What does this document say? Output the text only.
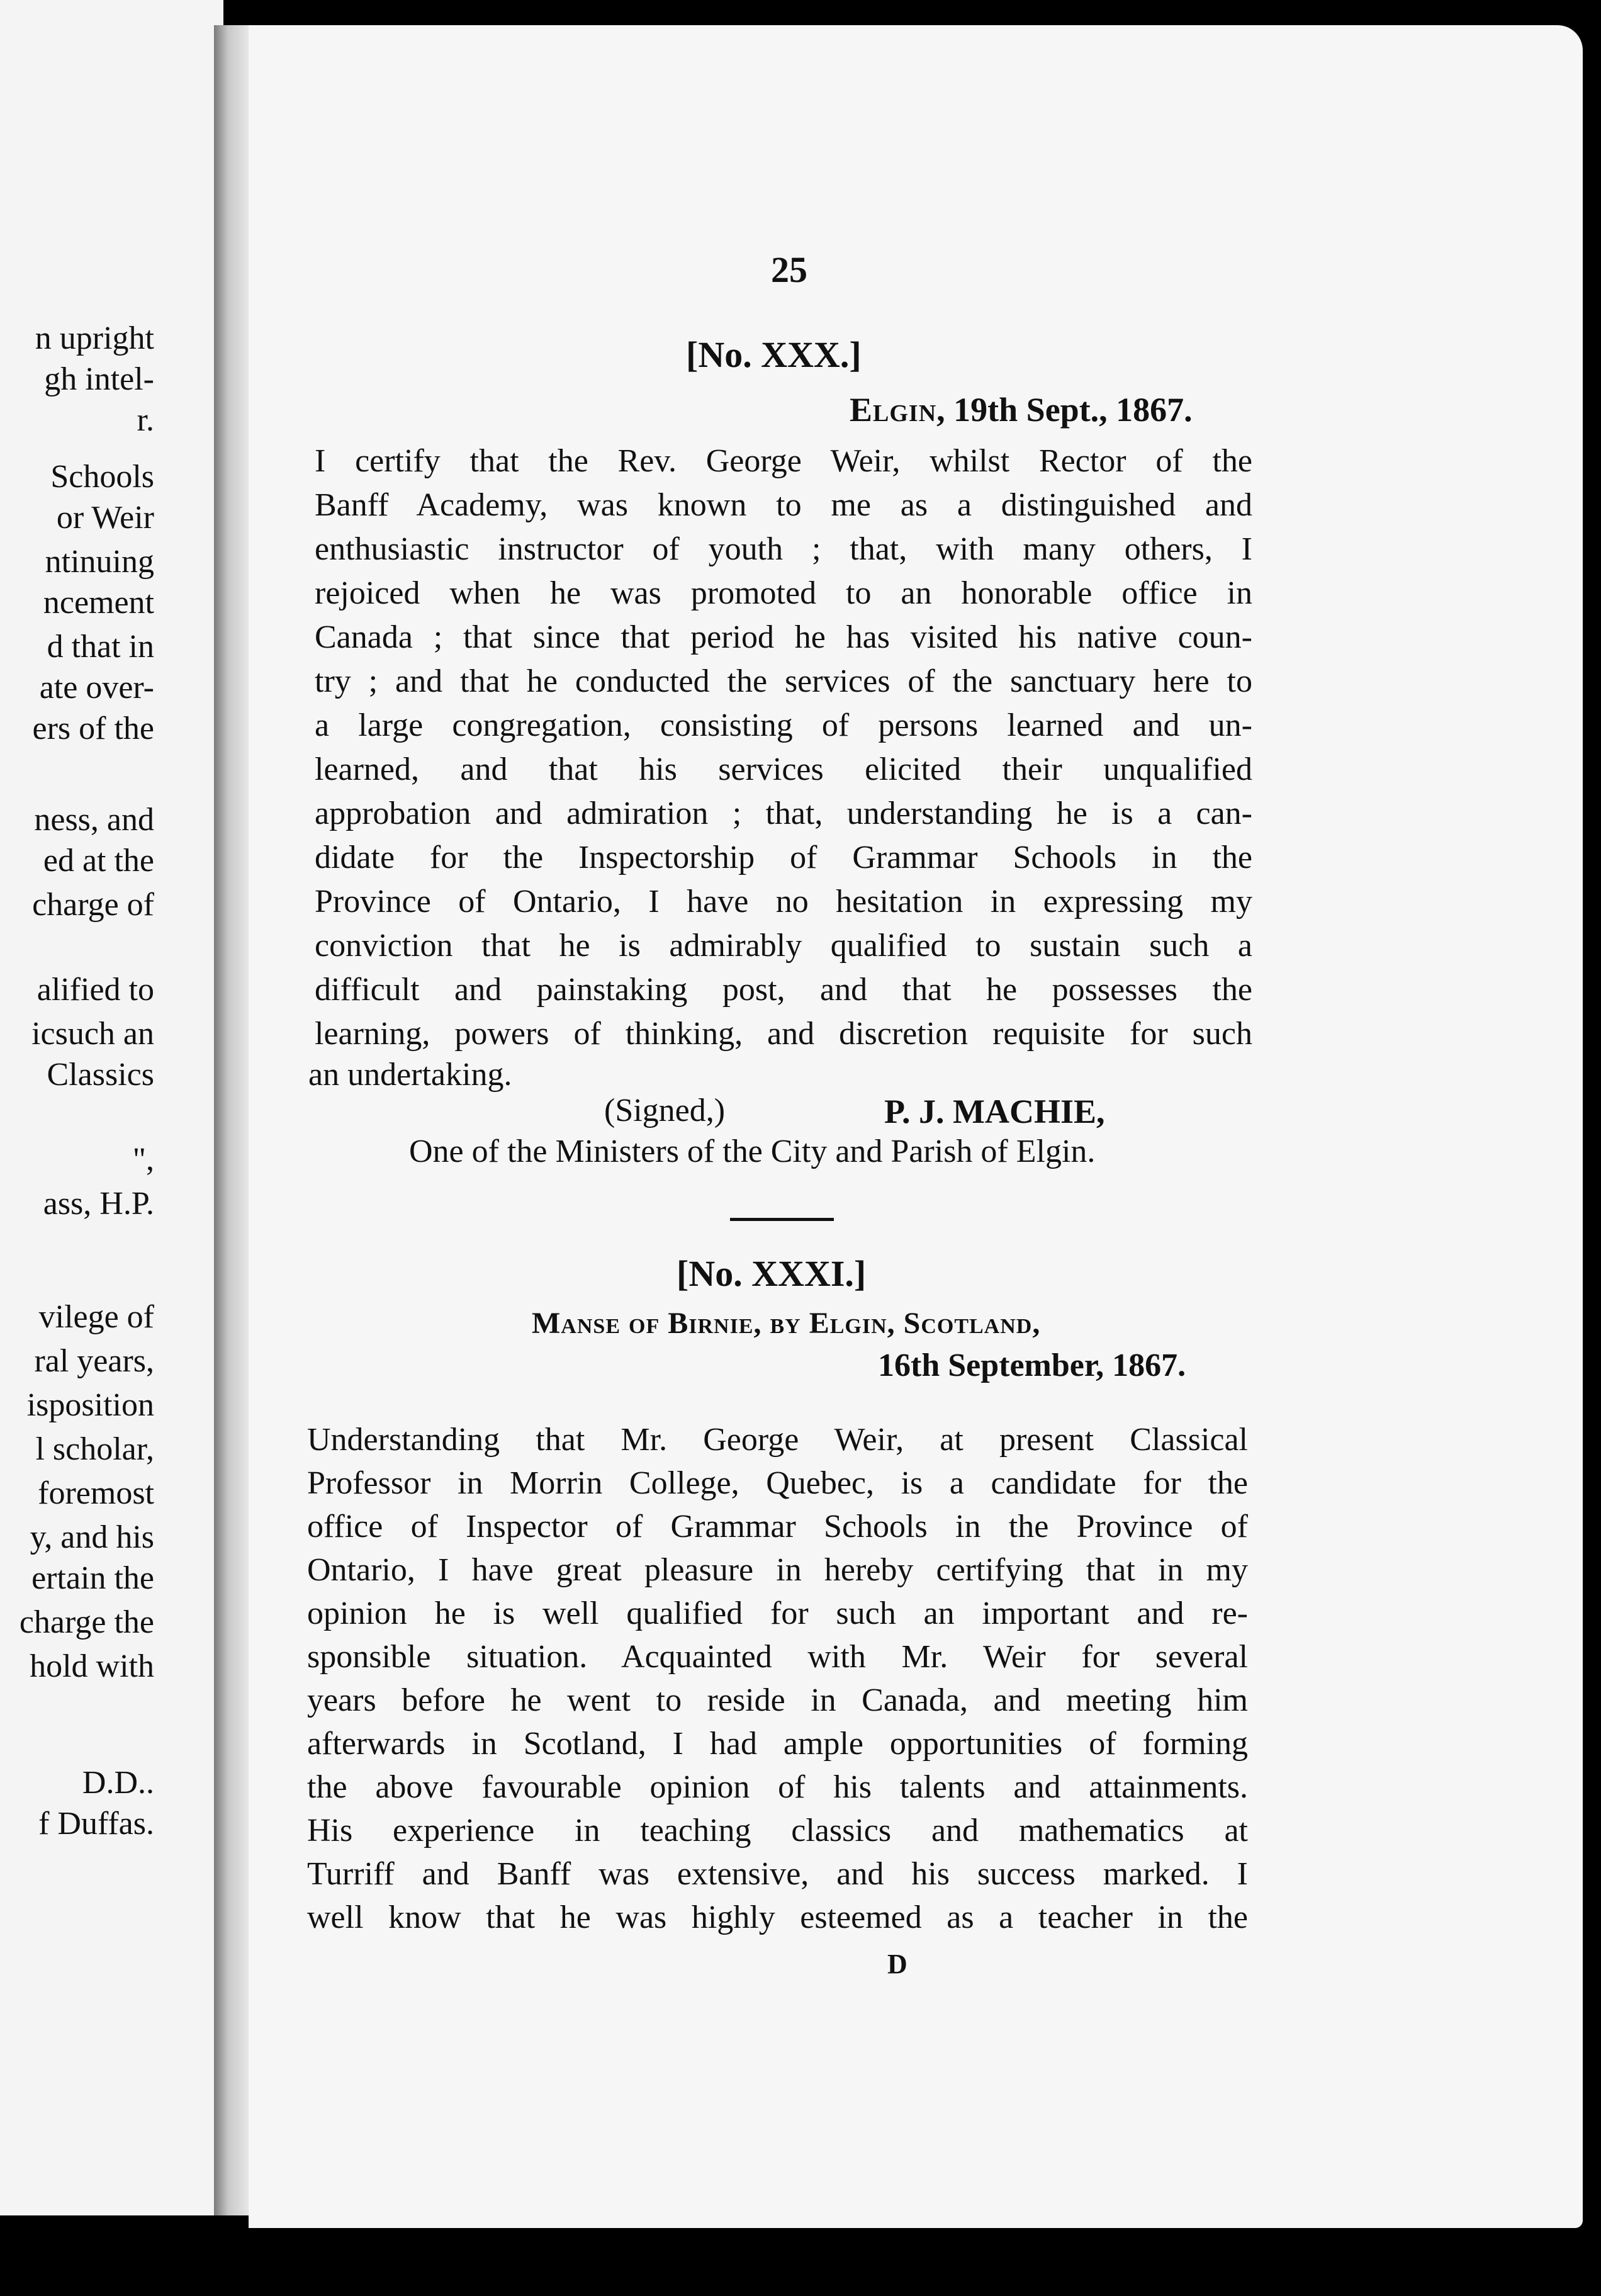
n upright
gh intel-
r.
Schools
or Weir
ntinuing
ncement
d that in
ate over-
ers of the
ness, and
ed at the
charge of
alified to
icsuch an
Classics
",
ass, H.P.
vilege of
ral years,
isposition
l scholar,
foremost
y, and his
ertain the
charge the
hold with
D.D..
f Duffas.
25
[No. XXX.]
Elgin, 19th Sept., 1867.
I certify that the Rev. George Weir, whilst Rector of the
Banff Academy, was known to me as a distinguished and
enthusiastic instructor of youth ; that, with many others, I
rejoiced when he was promoted to an honorable office in
Canada ; that since that period he has visited his native coun-
try ; and that he conducted the services of the sanctuary here to
a large congregation, consisting of persons learned and un-
learned, and that his services elicited their unqualified
approbation and admiration ; that, understanding he is a can-
didate for the Inspectorship of Grammar Schools in the
Province of Ontario, I have no hesitation in expressing my
conviction that he is admirably qualified to sustain such a
difficult and painstaking post, and that he possesses the
learning, powers of thinking, and discretion requisite for such
an undertaking.
(Signed,)	P. J. MACHIE,
One of the Ministers of the City and Parish of Elgin.
[No. XXXI.]
Manse of Birnie, by Elgin, Scotland,
16th September, 1867.
Understanding that Mr. George Weir, at present Classical
Professor in Morrin College, Quebec, is a candidate for the
office of Inspector of Grammar Schools in the Province of
Ontario, I have great pleasure in hereby certifying that in my
opinion he is well qualified for such an important and re-
sponsible situation. Acquainted with Mr. Weir for several
years before he went to reside in Canada, and meeting him
afterwards in Scotland, I had ample opportunities of forming
the above favourable opinion of his talents and attainments.
His experience in teaching classics and mathematics at
Turriff and Banff was extensive, and his success marked. I
well know that he was highly esteemed as a teacher in the
D
